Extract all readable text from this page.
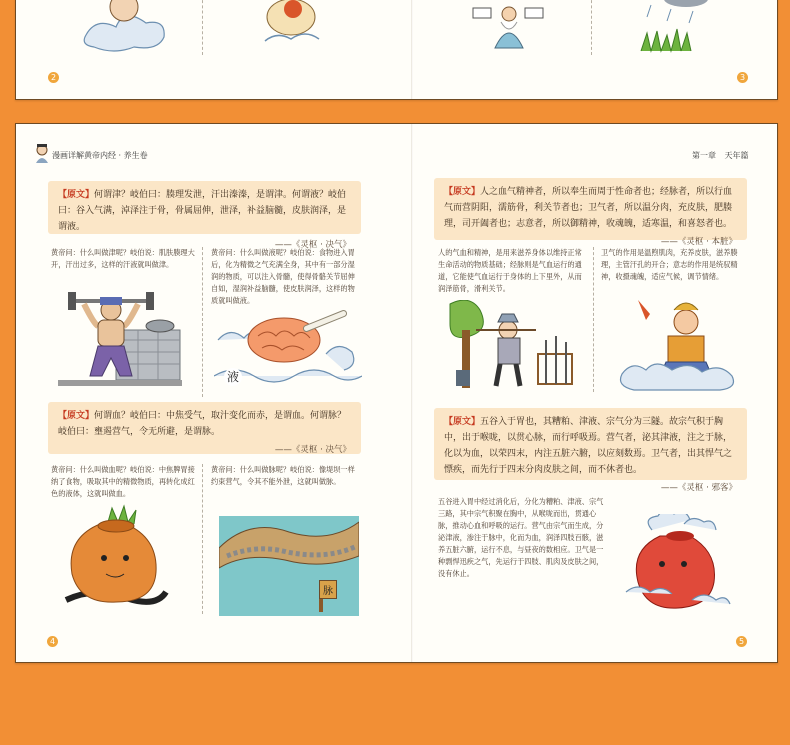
2	3
漫画详解黄帝内经 · 养生卷
【原文】何谓津？岐伯曰：腠理发泄，汗出溱溱，是谓津。何谓液？岐伯曰：谷入气满，淖泽注于骨，骨属屈伸，泄泽，补益脑髓，皮肤润泽，是谓液。
——《灵枢 · 决气》
黄帝问：什么叫做津呢？岐伯说：肌肤腠理大开，汗出过多，这样的汗液就叫做津。
黄帝问：什么叫做液呢？岐伯说：食物进入胃后，化为精微之气充满全身，其中有一部分湿润的物质，可以注入骨髓，使得骨骼关节屈伸自如，湿润补益脑髓，使皮肤润泽，这样的物质就叫做液。
液
【原文】何谓血？岐伯曰：中焦受气，取汁变化而赤，是谓血。何谓脉？岐伯曰：壅遏营气，令无所避，是谓脉。
——《灵枢 · 决气》
黄帝问：什么叫做血呢？岐伯说：中焦脾胃接纳了食物，吸取其中的精微物质，再转化成红色的液体，这就叫做血。
黄帝问：什么叫做脉呢？岐伯说：像堤坝一样约束营气，令其不能外泄，这就叫做脉。
脉
4
第一章 天年篇
【原文】人之血气精神者，所以奉生而周于性命者也；经脉者，所以行血气而营阴阳，濡筋骨，利关节者也；卫气者，所以温分肉，充皮肤，肥腠理，司开阖者也；志意者，所以御精神，收魂魄，适寒温，和喜怒者也。
——《灵枢 · 本脏》
人的气血和精神，是用来滋养身体以维持正常生命活动的物质基础；经脉则是气血运行的通道，它能使气血运行于身体的上下里外，从而润泽筋骨，滑利关节。
卫气的作用是温煦肌肉，充养皮肤，滋养腠理，主管汗孔的开合；意志的作用是统驭精神，收摄魂魄，适应气候，调节情绪。
【原文】五谷入于胃也，其糟粕、津液、宗气分为三隧。故宗气积于胸中，出于喉咙，以贯心脉，而行呼吸焉。营气者，泌其津液，注之于脉，化以为血，以荣四末，内注五脏六腑，以应刻数焉。卫气者，出其悍气之慓疾，而先行于四末分肉皮肤之间，而不休者也。
——《灵枢 · 邪客》
五谷进入胃中经过消化后，分化为糟粕、津液、宗气三路，其中宗气积聚在胸中，从喉咙而出，贯通心脉，推动心血和呼吸的运行。营气由宗气而生成，分泌津液，渗注于脉中，化而为血，润泽四肢百骸，滋养五脏六腑，运行不息，与昼夜的数相应。卫气是一种剽悍迅疾之气，先运行于四肢、肌肉及皮肤之间，没有休止。
5
